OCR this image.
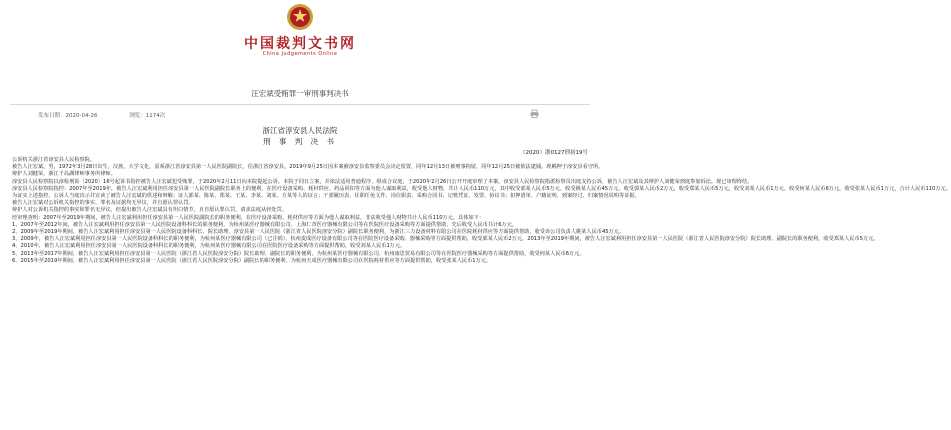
中国裁判文书网
China Judgements Online
汪宏斌受贿罪一审刑事判决书
发布日期：2020-04-26	浏览：1174次
浙江省淳安县人民法院
刑 事 判 决 书
（2020）浙0127刑初19号

公诉机关浙江省淳安县人民检察院。

被告人汪宏斌，男，1972年3月28日出生，汉族，大学文化，原系浙江省淳安县第一人民医院副院长，住浙江省淳安县。2019年9月25日因本案被淳安县监察委员会决定留置，同年12月13日被刑事拘留，同年12月25日被依法逮捕。现羁押于淳安县看守所。

辩护人刘健荣，浙江千岛湖律师事务所律师。

淳安县人民检察院以淳检刑诉〔2020〕16号起诉书指控被告人汪宏斌犯受贿罪，于2020年2月11日向本院提起公诉。本院于同日立案，并依法适用普通程序，组成合议庭，于2020年2月26日公开开庭审理了本案。淳安县人民检察院指派检察员出庭支持公诉，被告人汪宏斌及其辩护人刘健荣到庭参加诉讼。现已审理终结。

淳安县人民检察院指控：2007年至2019年，被告人汪宏斌利用担任淳安县第一人民医院副院长职务上的便利，在医疗设备采购、耗材供应、药品回扣等方面为他人谋取利益，收受他人财物，共计人民币110万元，其中收受部某人民币5万元，收受姚某人民币45万元，收受郭某人民币2万元，收受郑某人民币5万元，收受刘某人民币1万元，收受何某人民币6万元，收受张某人民币1万元，合计人民币110万元。

为证实上述指控，公诉人当庭出示并宣读了被告人汪宏斌的供述和辩解；证人郭某、陈某、郑某、王某、李某、刘某、方某等人的证言；干部履历表、任职任免文件、岗位职责、采购合同书、记账凭证、发票、协议书；扣押清单、户籍证明、到案经过、归案情况说明等证据。

被告人汪宏斌对公诉机关指控的事实、罪名及证据均无异议，并自愿认罪认罚。

辩护人对公诉机关指控的事实和罪名无异议，但提出被告人汪宏斌具有坦白情节，且自愿认罪认罚，请求法庭从轻处罚。

经审理查明：2007年至2019年期间，被告人汪宏斌利用担任淳安县第一人民医院副院长的职务便利，在医疗设备采购、耗材供应等方面为他人谋取利益，非法收受他人财物共计人民币110万元。具体如下：

1、2007年至2012年间，被告人汪宏斌利用担任淳安县第一人民医院设备科科长的职务便利，为杭州某医疗器械有限公司、上海仁青医疗器械有限公司等在医院医疗设备采购等方面提供帮助，先后收受人民币共计6万元。

2、2009年至2019年期间，被告人汪宏斌利用担任淳安县第一人民医院设备科科长、院长助理、淳安县第一人民医院（浙江省人民医院淳安分院）副院长职务便利，为浙江三力设备材料有限公司在医院耗材供应等方面提供帮助，收受该公司负责人姚某人民币45万元。

3、2009年，被告人汪宏斌利用担任淳安县第一人民医院设备科科长的职务便利，为杭州某医疗器械有限公司（已注销）、杭州麦成医疗设备有限公司等在医院医疗设备采购、器械采购等方面提供帮助，收受郭某人民币2万元。2013年至2019年期间，被告人汪宏斌利用担任淳安县第一人民医院（浙江省人民医院淳安分院）院长助理、副院长的职务便利，收受郑某人民币5万元。

4、2010年，被告人汪宏斌利用担任淳安县第一人民医院设备科科长的职务便利，为杭州某医疗器械有限公司在医院医疗设备采购等方面提供帮助，收受刘某人民币1万元。

5、2013年至2017年期间，被告人汪宏斌利用担任淳安县第一人民医院（浙江省人民医院淳安分院）院长助理、副院长的职务便利，为杭州某医疗器械有限公司、杭州康思贸易有限公司等在医院医疗器械采购等方面提供帮助，收受何某人民币6万元。

6、2015年至2019年期间，被告人汪宏斌利用担任淳安县第一人民医院（浙江省人民医院淳安分院）副院长的职务便利，为杭州天成医疗器械有限公司在医院耗材供应等方面提供帮助，收受张某人民币1万元。
